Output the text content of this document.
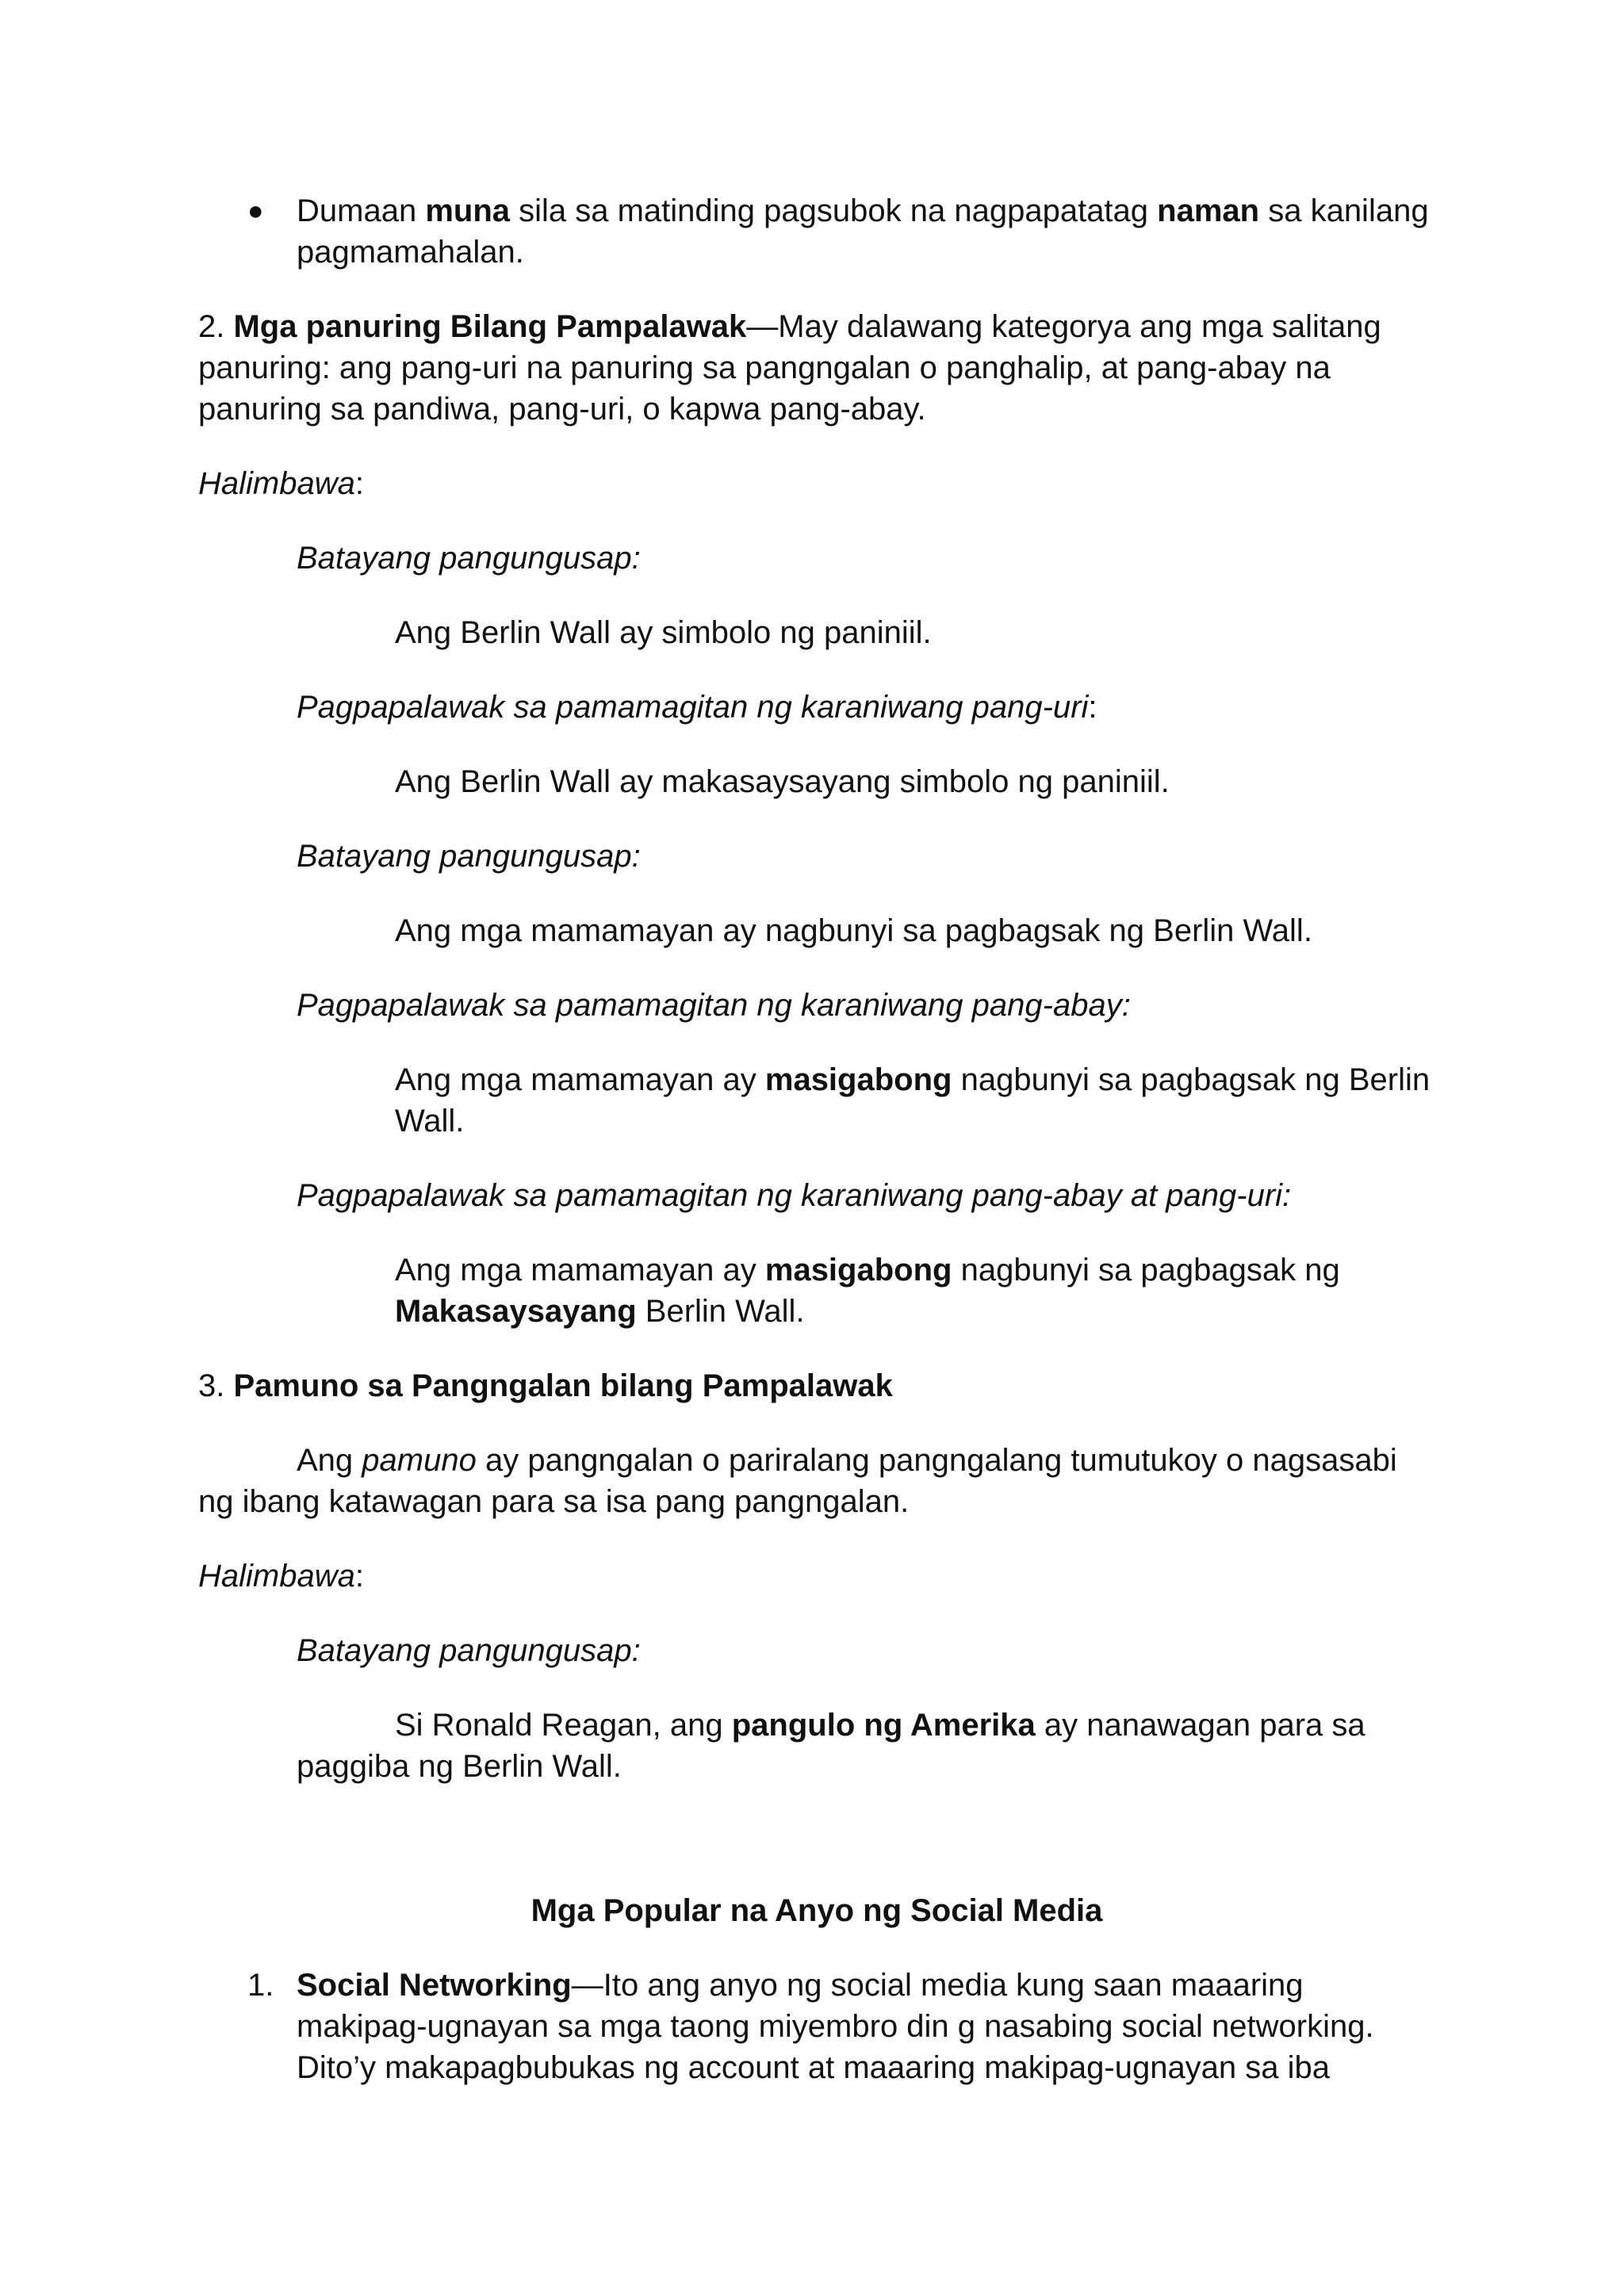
●	Dumaan muna sila sa matinding pagsubok na nagpapatatag naman sa kanilang pagmamahalan.

2. Mga panuring Bilang Pampalawak—May dalawang kategorya ang mga salitang panuring: ang pang-uri na panuring sa pangngalan o panghalip, at pang-abay na panuring sa pandiwa, pang-uri, o kapwa pang-abay.

Halimbawa:

Batayang pangungusap:

Ang Berlin Wall ay simbolo ng paniniil.

Pagpapalawak sa pamamagitan ng karaniwang pang-uri:

Ang Berlin Wall ay makasaysayang simbolo ng paniniil.

Batayang pangungusap:

Ang mga mamamayan ay nagbunyi sa pagbagsak ng Berlin Wall.

Pagpapalawak sa pamamagitan ng karaniwang pang-abay:

Ang mga mamamayan ay masigabong nagbunyi sa pagbagsak ng Berlin Wall.

Pagpapalawak sa pamamagitan ng karaniwang pang-abay at pang-uri:

Ang mga mamamayan ay masigabong nagbunyi sa pagbagsak ng Makasaysayang Berlin Wall.

3. Pamuno sa Pangngalan bilang Pampalawak

Ang pamuno ay pangngalan o pariralang pangngalang tumutukoy o nagsasabi ng ibang katawagan para sa isa pang pangngalan.

Halimbawa:

Batayang pangungusap:

Si Ronald Reagan, ang pangulo ng Amerika ay nanawagan para sa paggiba ng Berlin Wall.

Mga Popular na Anyo ng Social Media

1. Social Networking—Ito ang anyo ng social media kung saan maaaring makipag-ugnayan sa mga taong miyembro din g nasabing social networking. Dito’y makapagbubukas ng account at maaaring makipag-ugnayan sa iba
